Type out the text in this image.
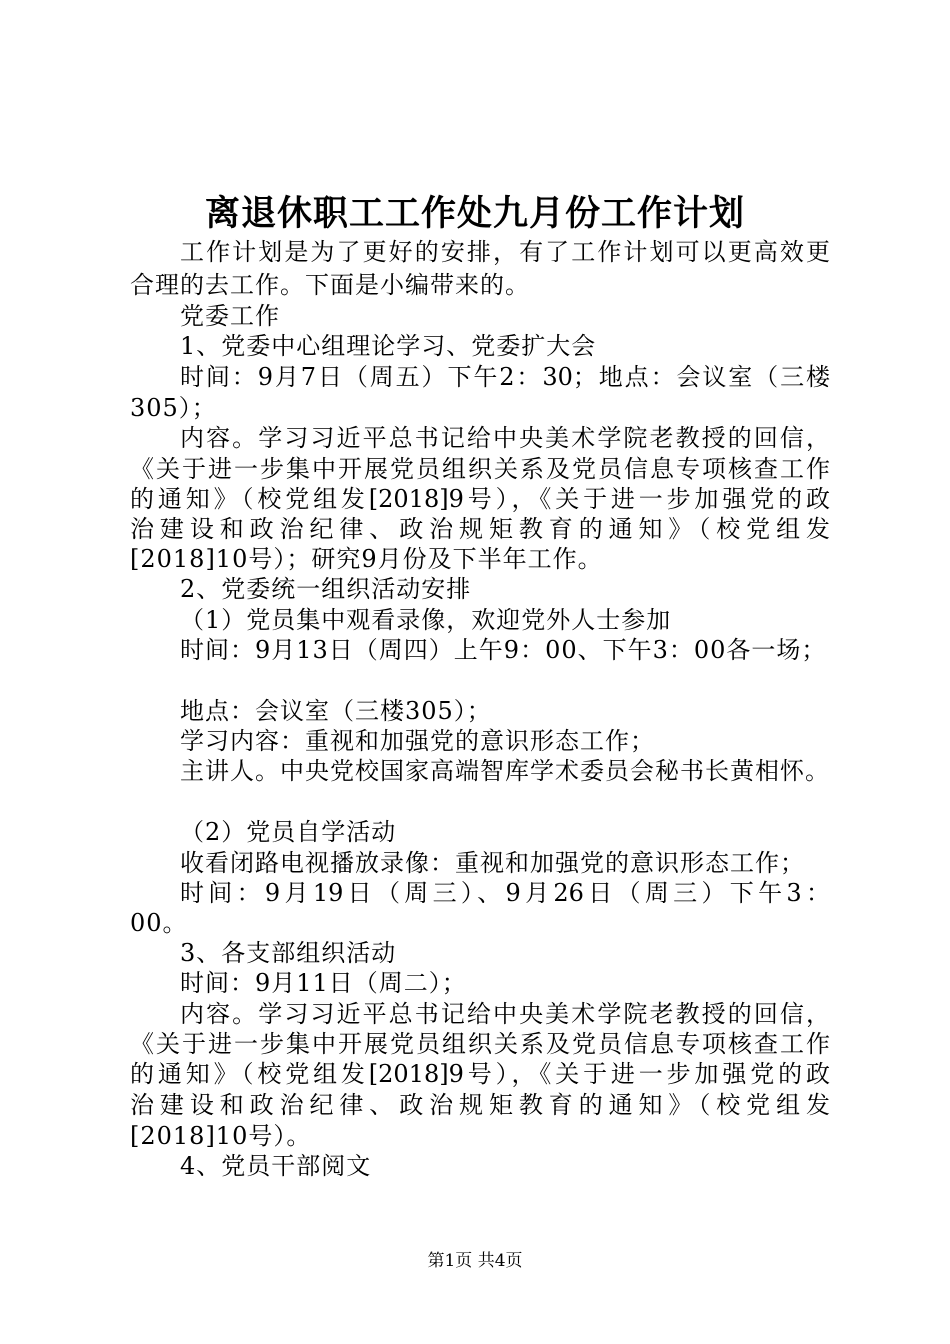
离退休职工工作处九月份工作计划
工作计划是为了更好的安排，有了工作计划可以更高效更
合理的去工作。下面是小编带来的。
党委工作
1、党委中心组理论学习、党委扩大会
时间：9月7日（周五）下午2：30；地点：会议室（三楼
305）；
内容。学习习近平总书记给中央美术学院老教授的回信，
《关于进一步集中开展党员组织关系及党员信息专项核查工作
的通知》（校党组发[2018]9号），《关于进一步加强党的政
治建设和政治纪律、政治规矩教育的通知》（校党组发
[2018]10号）；研究9月份及下半年工作。
2、党委统一组织活动安排
（1）党员集中观看录像，欢迎党外人士参加
时间：9月13日（周四）上午9：00、下午3：00各一场；
地点：会议室（三楼305）；
学习内容：重视和加强党的意识形态工作；
主讲人。中央党校国家高端智库学术委员会秘书长黄相怀。
（2）党员自学活动
收看闭路电视播放录像：重视和加强党的意识形态工作；
时间：9月19日（周三）、9月26日（周三）下午3：
00。
3、各支部组织活动
时间：9月11日（周二）；
内容。学习习近平总书记给中央美术学院老教授的回信，
《关于进一步集中开展党员组织关系及党员信息专项核查工作
的通知》（校党组发[2018]9号），《关于进一步加强党的政
治建设和政治纪律、政治规矩教育的通知》（校党组发
[2018]10号）。
4、党员干部阅文
第1页 共4页
